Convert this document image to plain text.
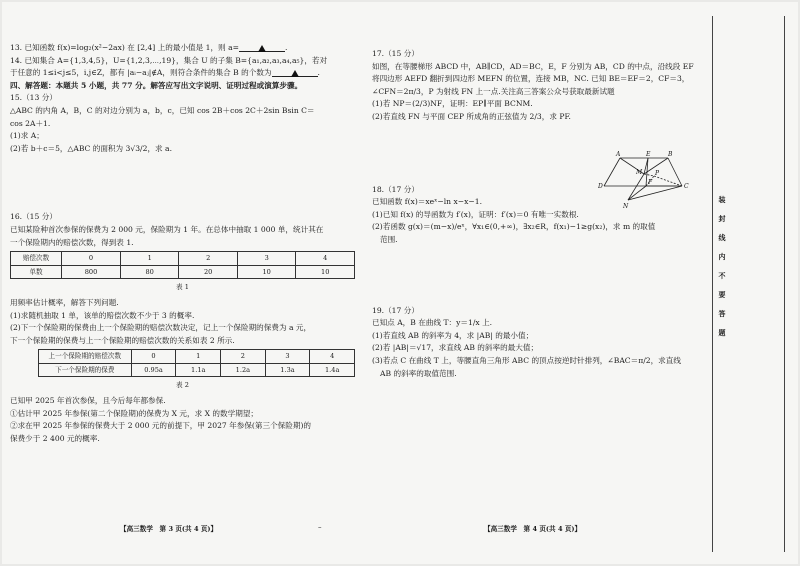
13. 已知函数 f(x)=log₂(x²−2ax) 在 [2,4] 上的最小值是 1，则 a=	.
14. 已知集合 A={1,3,4,5}，U={1,2,3,⋯,19}，集合 U 的子集 B={a₁,a₂,a₃,a₄,a₅}，若对
于任意的 1≤i<j≤5，i,j∈Z，都有 |aᵢ−aⱼ|∉A，则符合条件的集合 B 的个数为	.
四、解答题：本题共 5 小题，共 77 分。解答应写出文字说明、证明过程或演算步骤。
15.（13 分）
△ABC 的内角 A，B，C 的对边分别为 a，b，c，已知 cos 2B＋cos 2C＋2sin Bsin C＝
cos 2A＋1.
(1)求 A；
(2)若 b＋c＝5，△ABC 的面积为 3√3/2，求 a.
16.（15 分）
已知某险种首次参保的保费为 2 000 元，保险期为 1 年。在总体中抽取 1 000 单，统计其在
一个保险期内的赔偿次数，得到表 1.
赔偿次数	0	1	2	3	4
单数	800	80	20	10	10
表 1
用频率估计概率，解答下列问题.
(1)求随机抽取 1 单，该单的赔偿次数不少于 3 的概率.
(2)下一个保险期的保费由上一个保险期的赔偿次数决定，记上一个保险期的保费为 a 元，
下一个保险期的保费与上一个保险期的赔偿次数的关系如表 2 所示.
上一个保险期的赔偿次数	0	1	2	3	4
下一个保险期的保费	0.95a	1.1a	1.2a	1.3a	1.4a
表 2
已知甲 2025 年首次参保，且今后每年都参保.
①估计甲 2025 年参保(第二个保险期)的保费为 X 元，求 X 的数学期望；
②求在甲 2025 年参保的保费大于 2 000 元的前提下，甲 2027 年参保(第三个保险期)的
保费少于 2 400 元的概率.
【高三数学　第 3 页(共 4 页)】	–
17.（15 分）
如图，在等腰梯形 ABCD 中，AB∥CD，AD＝BC，E，F 分别为 AB，CD 的中点，沿线段 EF
将四边形 AEFD 翻折到四边形 MEFN 的位置，连接 MB，NC. 已知 BE＝EF＝2，CF＝3，
∠CFN＝2π/3，P 为射线 FN 上一点.关注高三答案公众号获取最新试题
(1)若 NP＝(2/3)NF，证明：EP∥平面 BCNM.
(2)若直线 FN 与平面 CEP 所成角的正弦值为 2/3，求 PF.
18.（17 分）
已知函数 f(x)＝xeˣ−ln x−x−1.
(1)已知 f(x) 的导函数为 f′(x)，证明：f′(x)＝0 有唯一实数根.
(2)若函数 g(x)＝(m−x)/eˣ，∀x₁∈(0,+∞)，∃x₂∈R，f(x₁)−1≥g(x₂)，求 m 的取值
范围.
19.（17 分）
已知点 A，B 在曲线 T：y＝1/x 上.
(1)若直线 AB 的斜率为 4，求 |AB| 的最小值；
(2)若 |AB|＝√17，求直线 AB 的斜率的最大值；
(3)若点 C 在曲线 T 上，等腰直角三角形 ABC 的顶点按逆时针排列，∠BAC＝π/2，求直线
AB 的斜率的取值范围.
【高三数学　第 4 页(共 4 页)】
A	B
C
D
E
F
M
N
P
装
封
线
内
不
要
答
题
